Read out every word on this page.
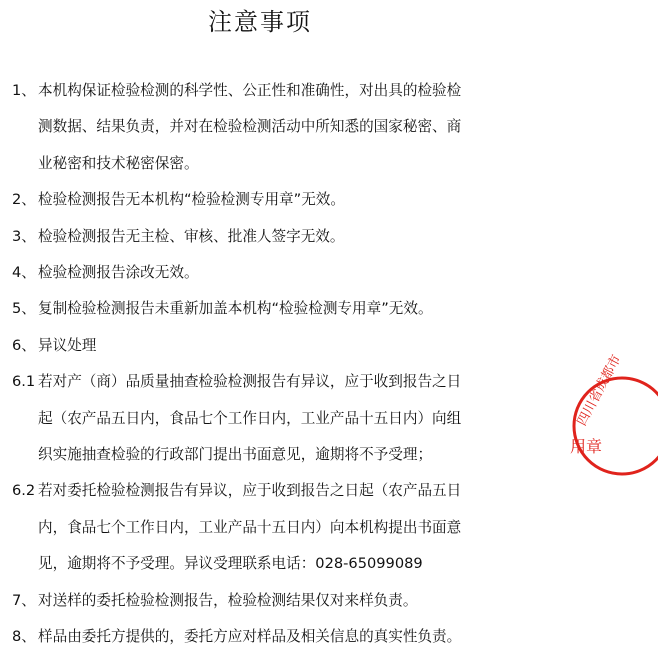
注意事项
1、 本机构保证检验检测的科学性、公正性和准确性，对出具的检验检
测数据、结果负责，并对在检验检测活动中所知悉的国家秘密、商
业秘密和技术秘密保密。
2、 检验检测报告无本机构“检验检测专用章”无效。
3、 检验检测报告无主检、审核、批准人签字无效。
4、 检验检测报告涂改无效。
5、 复制检验检测报告未重新加盖本机构“检验检测专用章”无效。
6、 异议处理
6.1 若对产（商）品质量抽查检验检测报告有异议，应于收到报告之日
起（农产品五日内，食品七个工作日内，工业产品十五日内）向组
织实施抽查检验的行政部门提出书面意见，逾期将不予受理；
6.2 若对委托检验检测报告有异议，应于收到报告之日起（农产品五日
内，食品七个工作日内，工业产品十五日内）向本机构提出书面意
见，逾期将不予受理。异议受理联系电话：028-65099089
7、 对送样的委托检验检测报告，检验检测结果仅对来样负责。
8、 样品由委托方提供的，委托方应对样品及相关信息的真实性负责。
四川省成都市
用章
